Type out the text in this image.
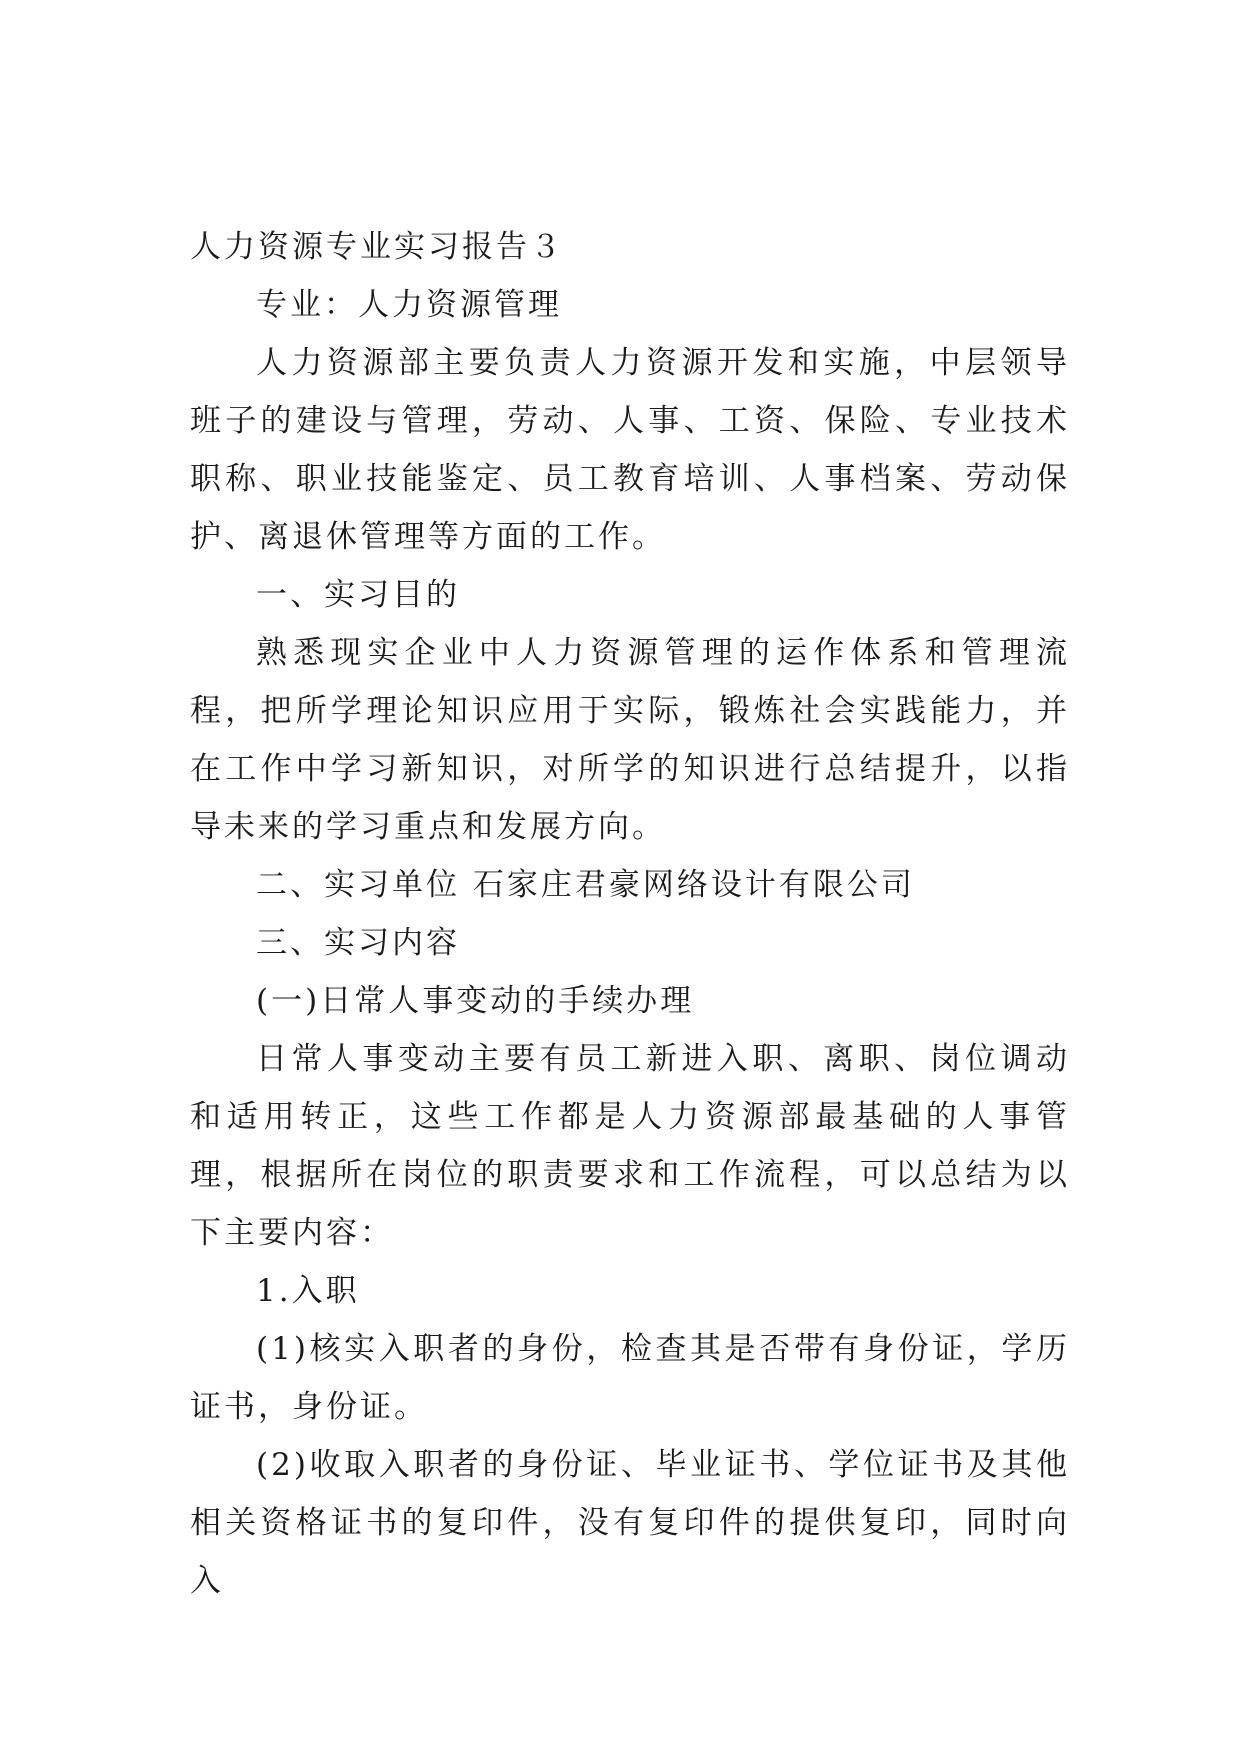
人力资源专业实习报告３

专业：人力资源管理

人力资源部主要负责人力资源开发和实施，中层领导班子的建设与管理，劳动、人事、工资、保险、专业技术职称、职业技能鉴定、员工教育培训、人事档案、劳动保护、离退休管理等方面的工作。

一、实习目的

熟悉现实企业中人力资源管理的运作体系和管理流程，把所学理论知识应用于实际，锻炼社会实践能力，并在工作中学习新知识，对所学的知识进行总结提升，以指导未来的学习重点和发展方向。

二、实习单位 石家庄君豪网络设计有限公司

三、实习内容

(一)日常人事变动的手续办理

日常人事变动主要有员工新进入职、离职、岗位调动和适用转正，这些工作都是人力资源部最基础的人事管理，根据所在岗位的职责要求和工作流程，可以总结为以下主要内容：

1.入职

(1)核实入职者的身份，检查其是否带有身份证，学历证书，身份证。

(2)收取入职者的身份证、毕业证书、学位证书及其他相关资格证书的复印件，没有复印件的提供复印，同时向入
